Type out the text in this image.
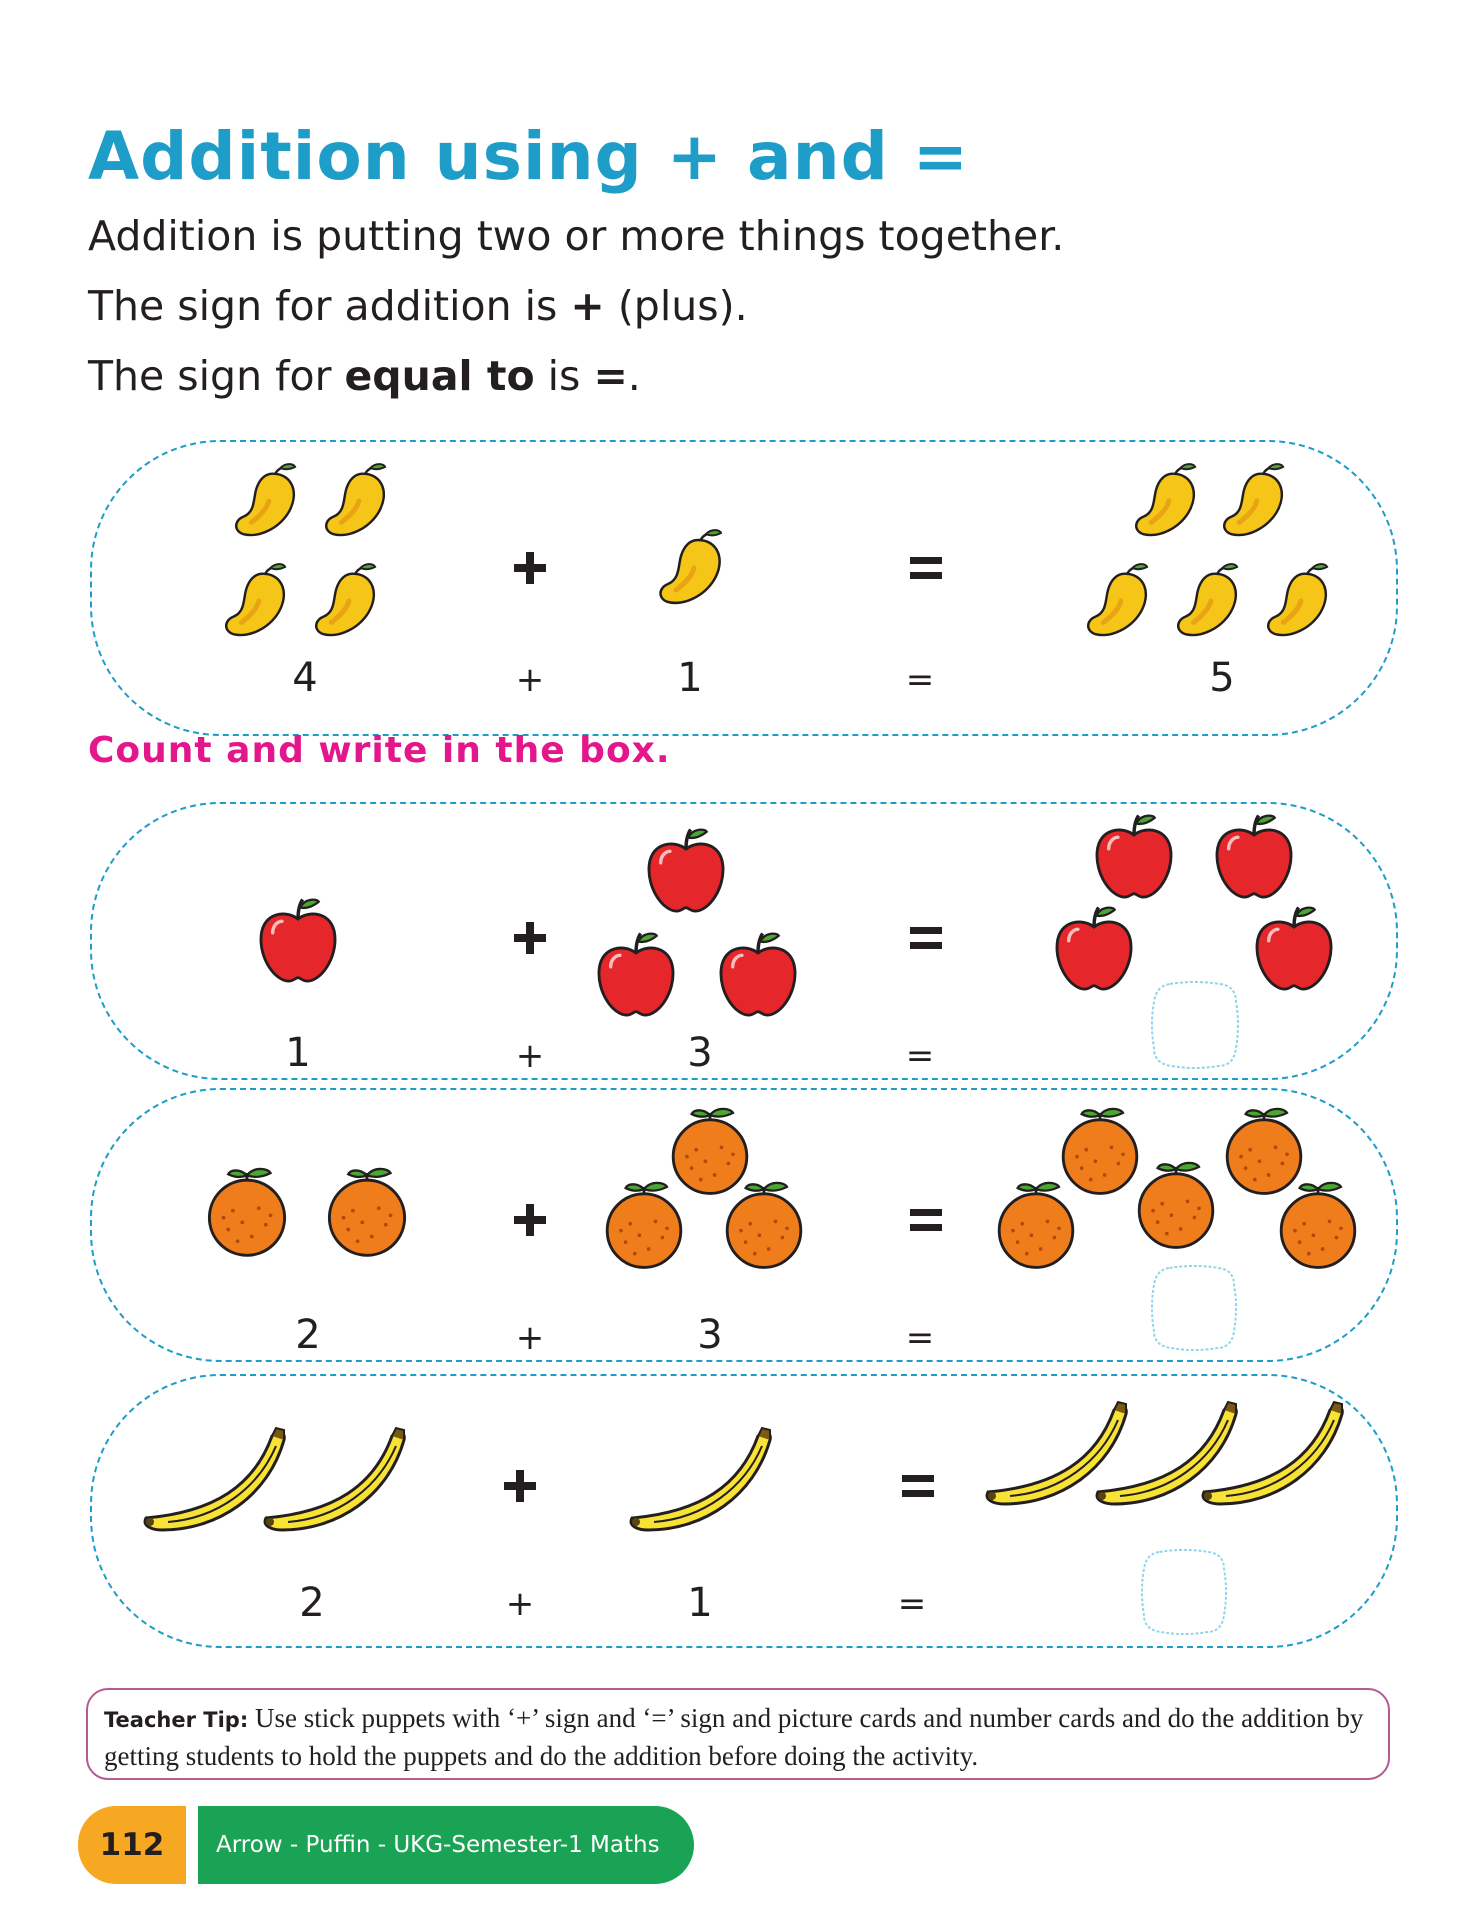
Addition using + and =
Addition is putting two or more things together.
The sign for addition is + (plus).
The sign for equal to is =.
4	+	1	=	5
Count and write in the box.
1	+	3	=
2	+	3	=
2	+	1	=
Teacher Tip: Use stick puppets with ‘+’ sign and ‘=’ sign and picture cards and number cards and do the addition by getting students to hold the puppets and do the addition before doing the activity.
112	Arrow - Puffin - UKG-Semester-1 Maths
